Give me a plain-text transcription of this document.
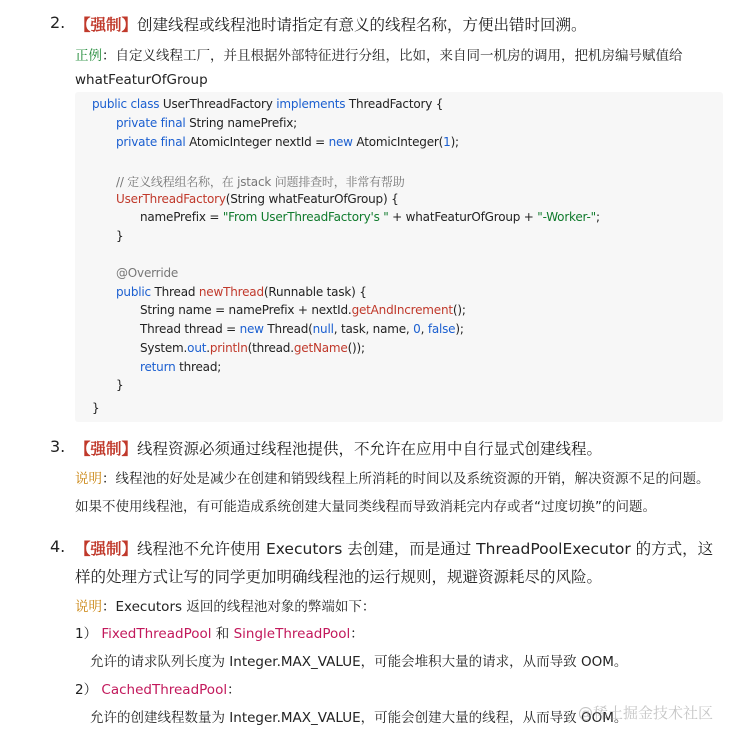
2. 【强制】创建线程或线程池时请指定有意义的线程名称，方便出错时回溯。
正例：自定义线程工厂，并且根据外部特征进行分组，比如，来自同一机房的调用，把机房编号赋值给
whatFeaturOfGroup
public class UserThreadFactory implements ThreadFactory {
private final String namePrefix;
private final AtomicInteger nextId = new AtomicInteger(1);
// 定义线程组名称，在 jstack 问题排查时，非常有帮助
UserThreadFactory(String whatFeaturOfGroup) {
namePrefix = "From UserThreadFactory's " + whatFeaturOfGroup + "-Worker-";
}
@Override
public Thread newThread(Runnable task) {
String name = namePrefix + nextId.getAndIncrement();
Thread thread = new Thread(null, task, name, 0, false);
System.out.println(thread.getName());
return thread;
}
}
3. 【强制】线程资源必须通过线程池提供，不允许在应用中自行显式创建线程。
说明：线程池的好处是减少在创建和销毁线程上所消耗的时间以及系统资源的开销，解决资源不足的问题。
如果不使用线程池，有可能造成系统创建大量同类线程而导致消耗完内存或者“过度切换”的问题。
4. 【强制】线程池不允许使用 Executors 去创建，而是通过 ThreadPoolExecutor 的方式，这
样的处理方式让写的同学更加明确线程池的运行规则，规避资源耗尽的风险。
说明：Executors 返回的线程池对象的弊端如下：
1） FixedThreadPool 和 SingleThreadPool：
允许的请求队列长度为 Integer.MAX_VALUE，可能会堆积大量的请求，从而导致 OOM。
2） CachedThreadPool：
允许的创建线程数量为 Integer.MAX_VALUE，可能会创建大量的线程，从而导致 OOM。
@稀土掘金技术社区
